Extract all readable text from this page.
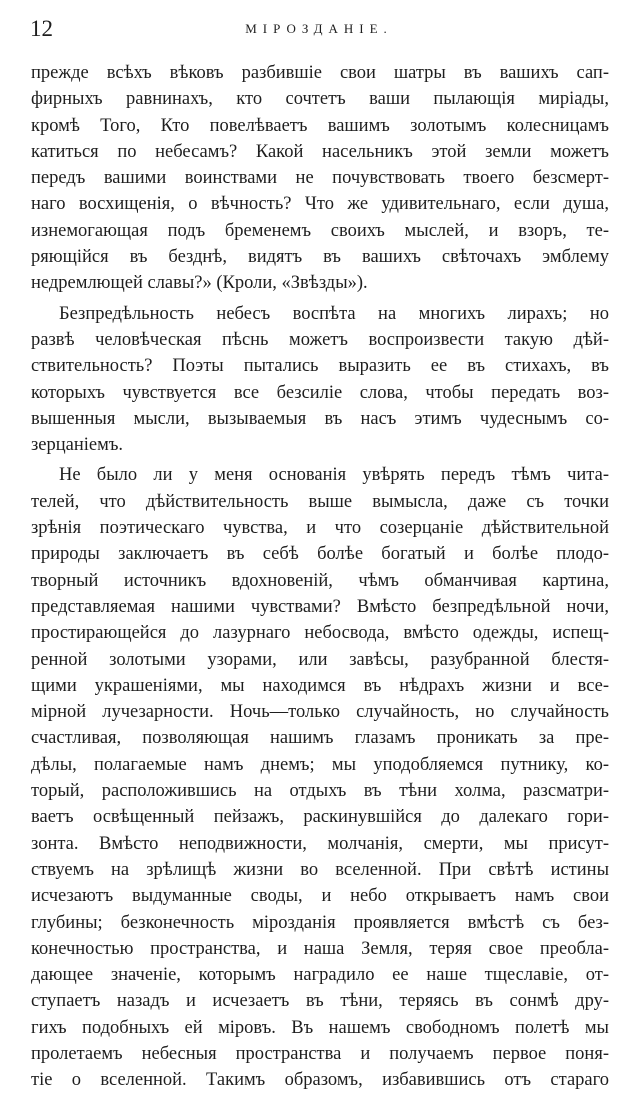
12	МІРОЗДАНІЕ.

прежде всѣхъ вѣковъ разбившіе свои шатры въ вашихъ сап-
фирныхъ равнинахъ, кто сочтетъ ваши пылающія миріады,
кромѣ Того, Кто повелѣваетъ вашимъ золотымъ колесницамъ
катиться по небесамъ? Какой насельникъ этой земли можетъ
передъ вашими воинствами не почувствовать твоего безсмерт-
наго восхищенія, о вѣчность? Что же удивительнаго, если душа,
изнемогающая подъ бременемъ своихъ мыслей, и взоръ, те-
ряющійся въ безднѣ, видятъ въ вашихъ свѣточахъ эмблему
недремлющей славы?» (Кроли, «Звѣзды»).

Безпредѣльность небесъ воспѣта на многихъ лирахъ; но
развѣ человѣческая пѣснь можетъ воспроизвести такую дѣй-
ствительность? Поэты пытались выразить ее въ стихахъ, въ
которыхъ чувствуется все безсиліе слова, чтобы передать воз-
вышенныя мысли, вызываемыя въ насъ этимъ чудеснымъ со-
зерцаніемъ.

Не было ли у меня основанія увѣрять передъ тѣмъ чита-
телей, что дѣйствительность выше вымысла, даже съ точки
зрѣнія поэтическаго чувства, и что созерцаніе дѣйствительной
природы заключаетъ въ себѣ болѣе богатый и болѣе плодо-
творный источникъ вдохновеній, чѣмъ обманчивая картина,
представляемая нашими чувствами? Вмѣсто безпредѣльной ночи,
простирающейся до лазурнаго небосвода, вмѣсто одежды, испещ-
ренной золотыми узорами, или завѣсы, разубранной блестя-
щими украшеніями, мы находимся въ нѣдрахъ жизни и все-
мірной лучезарности. Ночь—только случайность, но случайность
счастливая, позволяющая нашимъ глазамъ проникать за пре-
дѣлы, полагаемые намъ днемъ; мы уподобляемся путнику, ко-
торый, расположившись на отдыхъ въ тѣни холма, разсматри-
ваетъ освѣщенный пейзажъ, раскинувшійся до далекаго гори-
зонта. Вмѣсто неподвижности, молчанія, смерти, мы присут-
ствуемъ на зрѣлищѣ жизни во вселенной. При свѣтѣ истины
исчезаютъ выдуманные своды, и небо открываетъ намъ свои
глубины; безконечность мірозданія проявляется вмѣстѣ съ без-
конечностью пространства, и наша Земля, теряя свое преобла-
дающее значеніе, которымъ наградило ее наше тщеславіе, от-
ступаетъ назадъ и исчезаетъ въ тѣни, теряясь въ сонмѣ дру-
гихъ подобныхъ ей міровъ. Въ нашемъ свободномъ полетѣ мы
пролетаемъ небесныя пространства и получаемъ первое поня-
тіе о вселенной. Такимъ образомъ, избавившись отъ стараго
